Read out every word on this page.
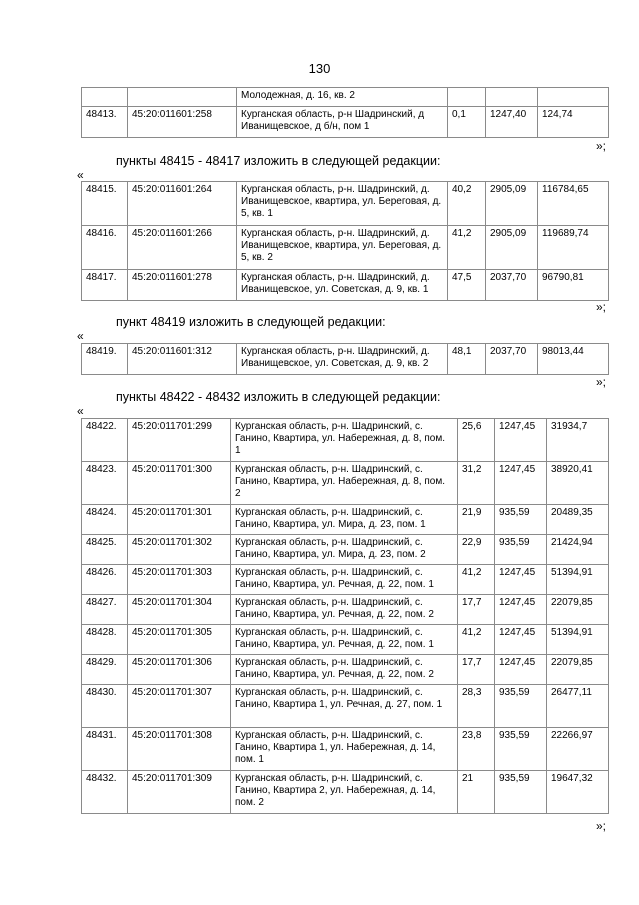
130
		Молодежная, д. 16, кв. 2			
48413.	45:20:011601:258	Курганская область, р-н Шадринский, д Иванищевское, д б/н, пом 1	0,1	1247,40	124,74
»;
пункты 48415 - 48417 изложить в следующей редакции:
«
48415.	45:20:011601:264	Курганская область, р-н. Шадринский, д. Иванищевское, квартира, ул. Береговая, д. 5, кв. 1	40,2	2905,09	116784,65
48416.	45:20:011601:266	Курганская область, р-н. Шадринский, д. Иванищевское, квартира, ул. Береговая, д. 5, кв. 2	41,2	2905,09	119689,74
48417.	45:20:011601:278	Курганская область, р-н. Шадринский, д. Иванищевское, ул. Советская, д. 9, кв. 1	47,5	2037,70	96790,81
»;
пункт 48419 изложить в следующей редакции:
«
48419.	45:20:011601:312	Курганская область, р-н. Шадринский, д. Иванищевское, ул. Советская, д. 9, кв. 2	48,1	2037,70	98013,44
»;
пункты 48422 - 48432 изложить в следующей редакции:
«
48422.	45:20:011701:299	Курганская область, р-н. Шадринский, с. Ганино, Квартира, ул. Набережная, д. 8, пом. 1	25,6	1247,45	31934,7
48423.	45:20:011701:300	Курганская область, р-н. Шадринский, с. Ганино, Квартира, ул. Набережная, д. 8, пом. 2	31,2	1247,45	38920,41
48424.	45:20:011701:301	Курганская область, р-н. Шадринский, с. Ганино, Квартира, ул. Мира, д. 23, пом. 1	21,9	935,59	20489,35
48425.	45:20:011701:302	Курганская область, р-н. Шадринский, с. Ганино, Квартира, ул. Мира, д. 23, пом. 2	22,9	935,59	21424,94
48426.	45:20:011701:303	Курганская область, р-н. Шадринский, с. Ганино, Квартира, ул. Речная, д. 22, пом. 1	41,2	1247,45	51394,91
48427.	45:20:011701:304	Курганская область, р-н. Шадринский, с. Ганино, Квартира, ул. Речная, д. 22, пом. 2	17,7	1247,45	22079,85
48428.	45:20:011701:305	Курганская область, р-н. Шадринский, с. Ганино, Квартира, ул. Речная, д. 22, пом. 1	41,2	1247,45	51394,91
48429.	45:20:011701:306	Курганская область, р-н. Шадринский, с. Ганино, Квартира, ул. Речная, д. 22, пом. 2	17,7	1247,45	22079,85
48430.	45:20:011701:307	Курганская область, р-н. Шадринский, с. Ганино, Квартира 1, ул. Речная, д. 27, пом. 1	28,3	935,59	26477,11
48431.	45:20:011701:308	Курганская область, р-н. Шадринский, с. Ганино, Квартира 1, ул. Набережная, д. 14, пом. 1	23,8	935,59	22266,97
48432.	45:20:011701:309	Курганская область, р-н. Шадринский, с. Ганино, Квартира 2, ул. Набережная, д. 14, пом. 2	21	935,59	19647,32
»;
